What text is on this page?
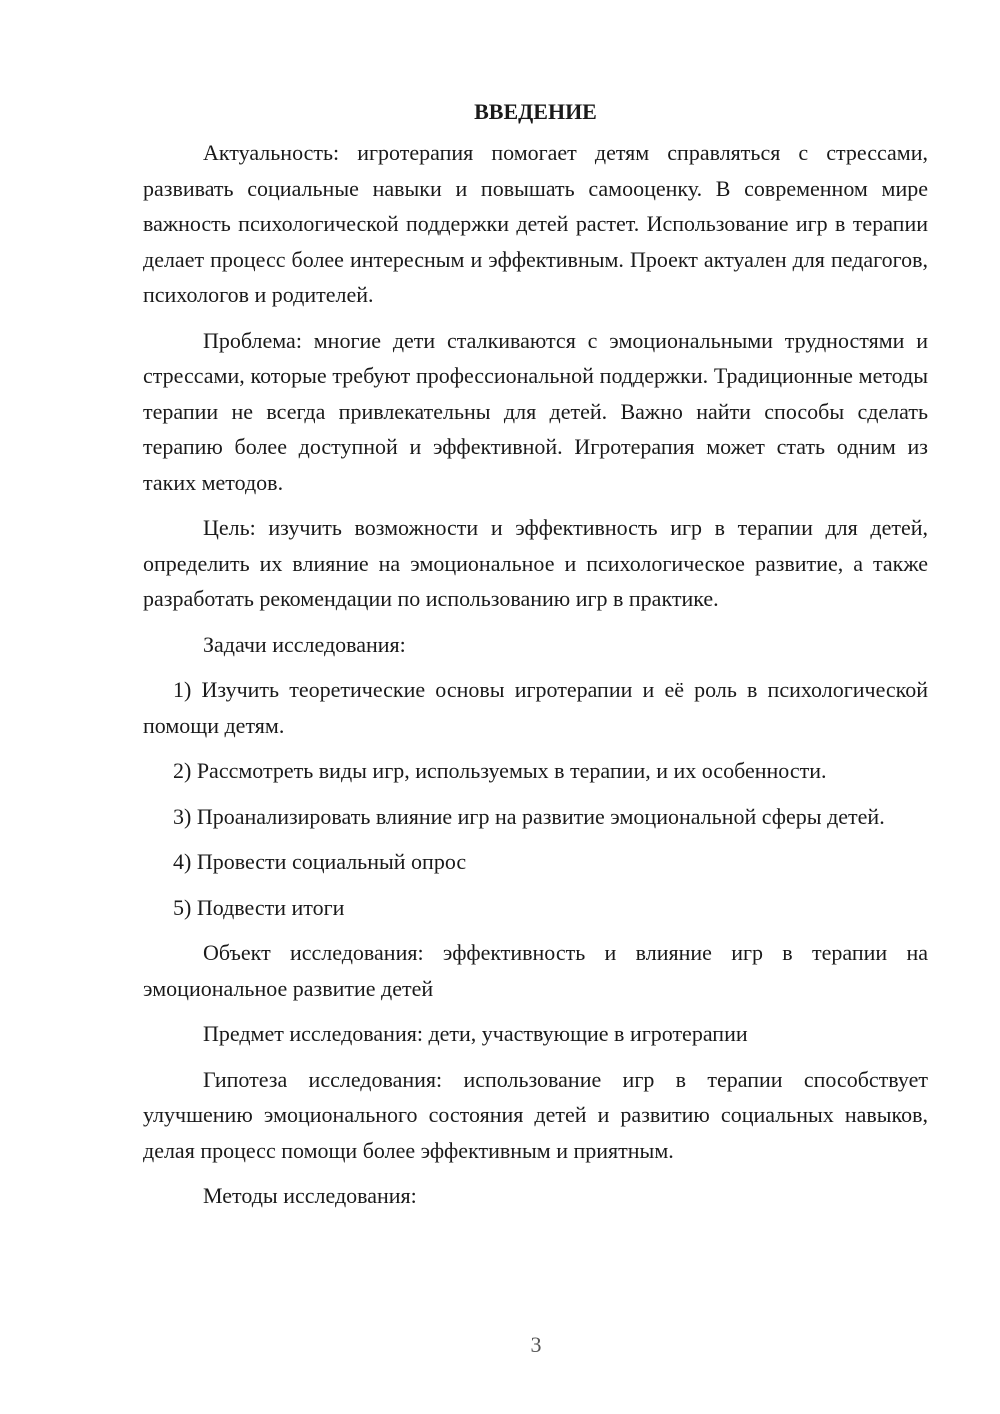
ВВЕДЕНИЕ

Актуальность: игротерапия помогает детям справляться с стрессами, развивать социальные навыки и повышать самооценку. В современном мире важность психологической поддержки детей растет. Использование игр в терапии делает процесс более интересным и эффективным. Проект актуален для педагогов, психологов и родителей.

Проблема: многие дети сталкиваются с эмоциональными трудностями и стрессами, которые требуют профессиональной поддержки. Традиционные методы терапии не всегда привлекательны для детей. Важно найти способы сделать терапию более доступной и эффективной. Игротерапия может стать одним из таких методов.

Цель: изучить возможности и эффективность игр в терапии для детей, определить их влияние на эмоциональное и психологическое развитие, а также разработать рекомендации по использованию игр в практике.

Задачи исследования:

1) Изучить теоретические основы игротерапии и её роль в психологической помощи детям.

2) Рассмотреть виды игр, используемых в терапии, и их особенности.

3) Проанализировать влияние игр на развитие эмоциональной сферы детей.

4) Провести социальный опрос

5) Подвести итоги

Объект исследования: эффективность и влияние игр в терапии на эмоциональное развитие детей

Предмет исследования: дети, участвующие в игротерапии

Гипотеза исследования: использование игр в терапии способствует улучшению эмоционального состояния детей и развитию социальных навыков, делая процесс помощи более эффективным и приятным.

Методы исследования:

3
